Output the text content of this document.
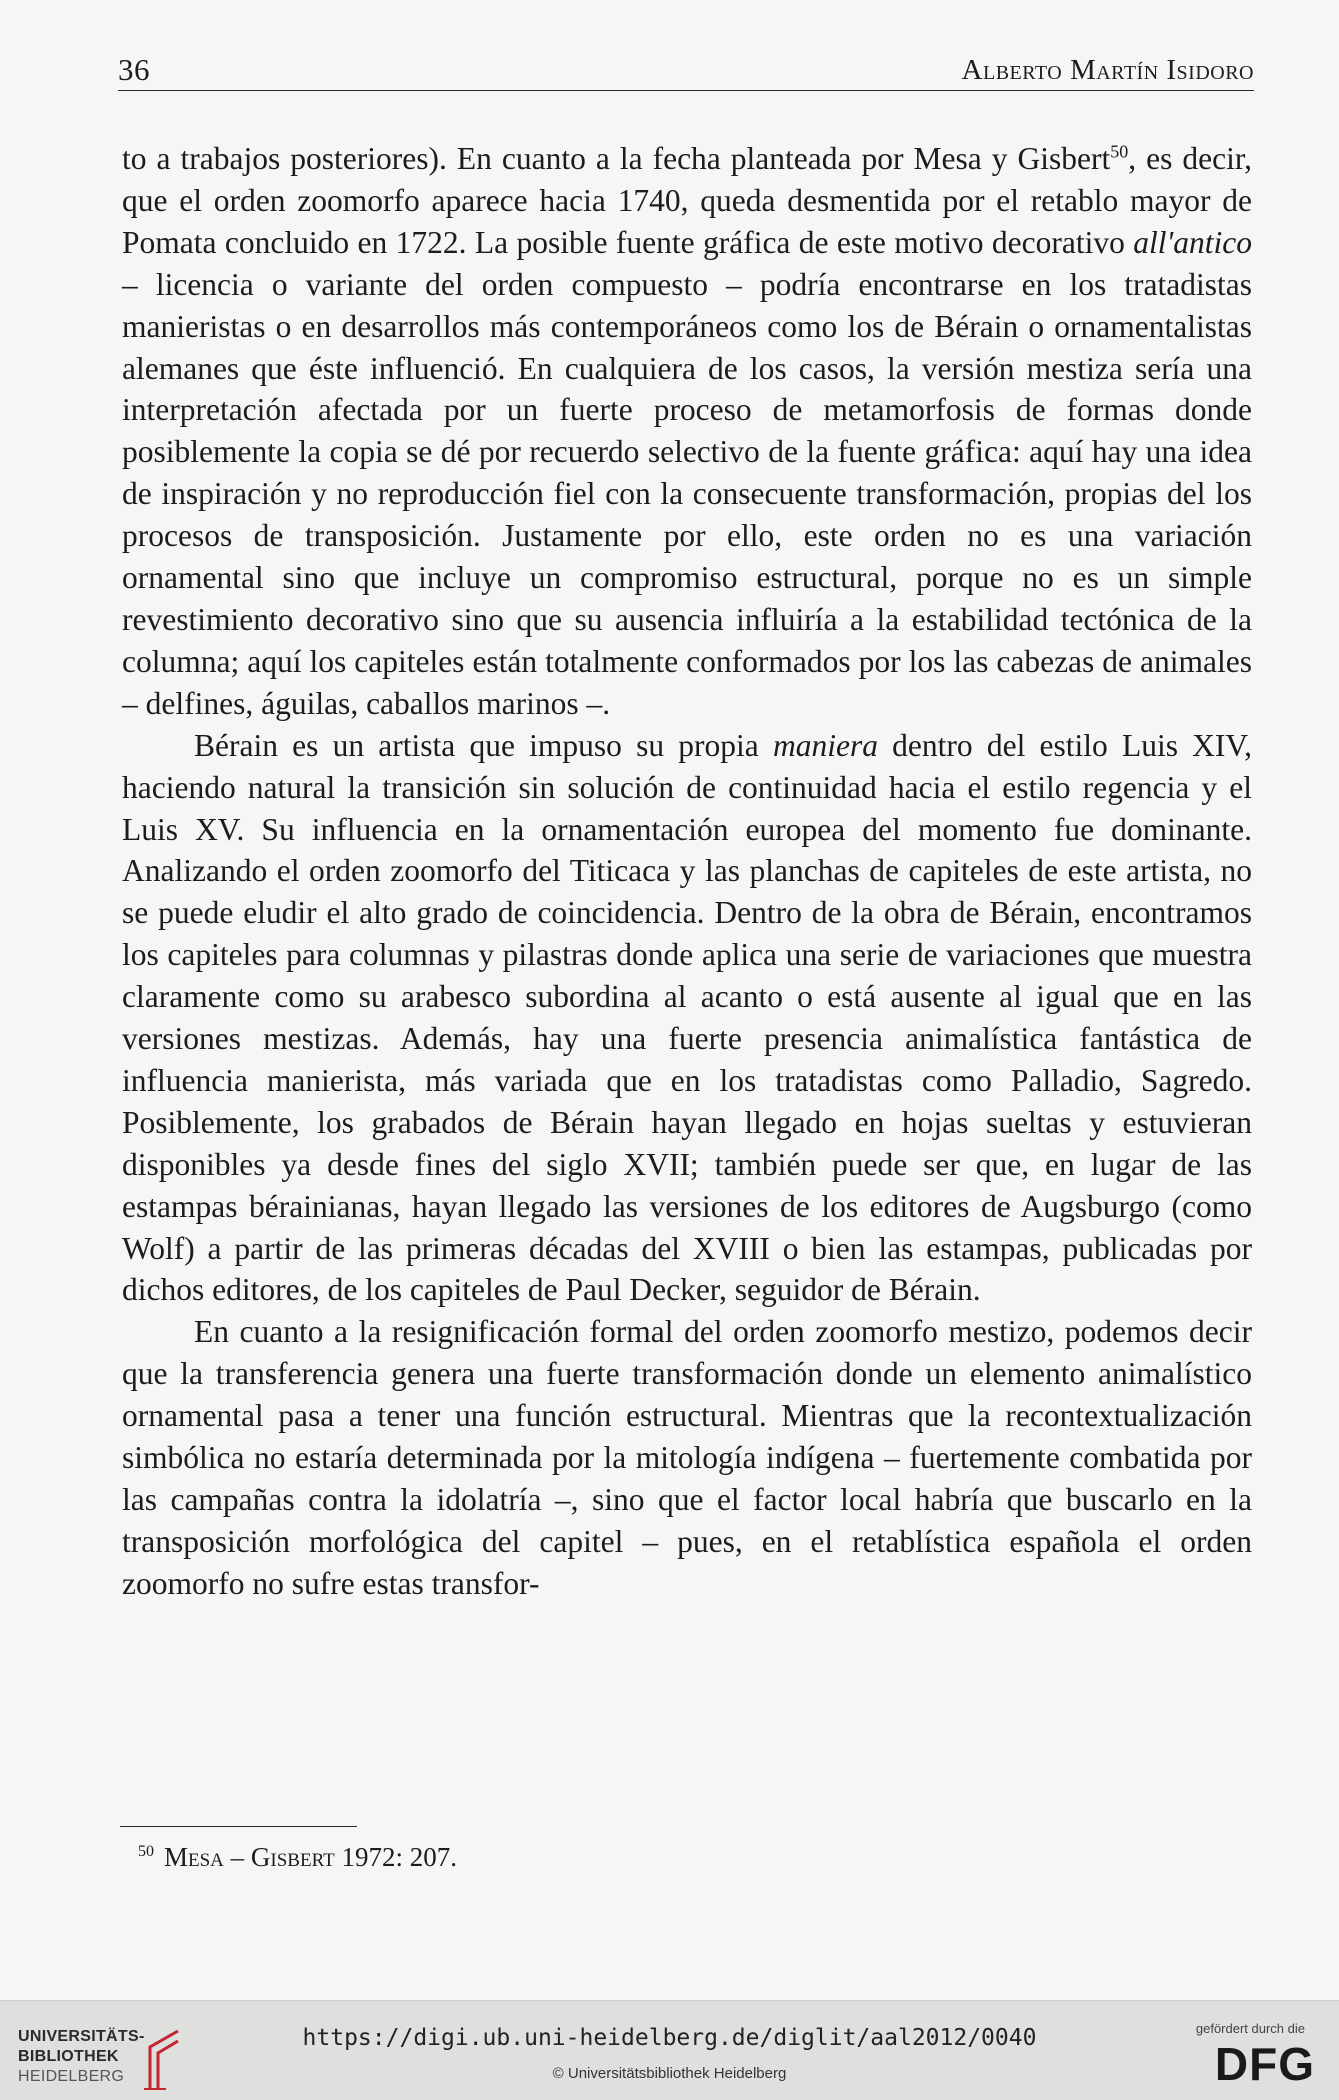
36	Alberto Martín Isidoro

to a trabajos posteriores). En cuanto a la fecha planteada por Mesa y Gisbert$^{50}$, es decir, que el orden zoomorfo aparece hacia 1740, queda desmentida por el retablo mayor de Pomata concluido en 1722. La posible fuente gráfica de este motivo decorativo all'antico – licencia o variante del orden compuesto – podría encontrarse en los tratadistas manieristas o en desarrollos más contemporáneos como los de Bérain o ornamentalistas alemanes que éste influenció. En cualquiera de los casos, la versión mestiza sería una interpretación afectada por un fuerte proceso de metamorfosis de formas donde posiblemente la copia se dé por recuerdo selectivo de la fuente gráfica: aquí hay una idea de inspiración y no reproducción fiel con la consecuente transformación, propias del los procesos de transposición. Justamente por ello, este orden no es una variación ornamental sino que incluye un compromiso estructural, porque no es un simple revestimiento decorativo sino que su ausencia influiría a la estabilidad tectónica de la columna; aquí los capiteles están totalmente conformados por los las cabezas de animales – delfines, águilas, caballos marinos –.

Bérain es un artista que impuso su propia maniera dentro del estilo Luis XIV, haciendo natural la transición sin solución de continuidad hacia el estilo regencia y el Luis XV. Su influencia en la ornamentación europea del momento fue dominante. Analizando el orden zoomorfo del Titicaca y las planchas de capiteles de este artista, no se puede eludir el alto grado de coincidencia. Dentro de la obra de Bérain, encontramos los capiteles para columnas y pilastras donde aplica una serie de variaciones que muestra claramente como su arabesco subordina al acanto o está ausente al igual que en las versiones mestizas. Además, hay una fuerte presencia animalística fantástica de influencia manierista, más variada que en los tratadistas como Palladio, Sagredo. Posiblemente, los grabados de Bérain hayan llegado en hojas sueltas y estuvieran disponibles ya desde fines del siglo XVII; también puede ser que, en lugar de las estampas bérainianas, hayan llegado las versiones de los editores de Augsburgo (como Wolf) a partir de las primeras décadas del XVIII o bien las estampas, publicadas por dichos editores, de los capiteles de Paul Decker, seguidor de Bérain.

En cuanto a la resignificación formal del orden zoomorfo mestizo, podemos decir que la transferencia genera una fuerte transformación donde un elemento animalístico ornamental pasa a tener una función estructural. Mientras que la recontextualización simbólica no estaría determinada por la mitología indígena – fuertemente combatida por las campañas contra la idolatría –, sino que el factor local habría que buscarlo en la transposición morfológica del capitel – pues, en el retablística española el orden zoomorfo no sufre estas transfor-

$^{50}$ Mesa – Gisbert 1972: 207.
UNIVERSITÄTS-
BIBLIOTHEK
HEIDELBERG
https://digi.ub.uni-heidelberg.de/diglit/aal2012/0040
© Universitätsbibliothek Heidelberg
gefördert durch die
DFG
